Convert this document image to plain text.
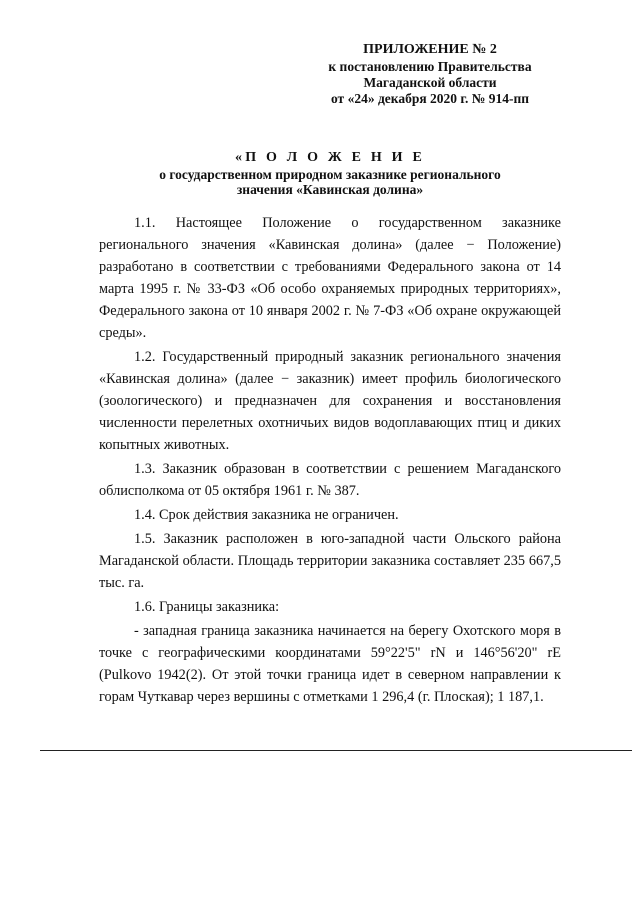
ПРИЛОЖЕНИЕ № 2
к постановлению Правительства
Магаданской области
от «24» декабря 2020 г. № 914-пп
«П О Л О Ж Е Н И Е
о государственном природном заказнике регионального
значения «Кавинская долина»

1.1. Настоящее Положение о государственном заказнике регионального значения «Кавинская долина» (далее − Положение) разработано в соответствии с требованиями Федерального закона от 14 марта 1995 г. № 33-ФЗ «Об особо охраняемых природных территориях», Федерального закона от 10 января 2002 г. № 7-ФЗ «Об охране окружающей среды».

1.2. Государственный природный заказник регионального значения «Кавинская долина» (далее − заказник) имеет профиль биологического (зоологического) и предназначен для сохранения и восстановления численности перелетных охотничьих видов водоплавающих птиц и диких копытных животных.

1.3. Заказник образован в соответствии с решением Магаданского облисполкома от 05 октября 1961 г. № 387.

1.4. Срок действия заказника не ограничен.

1.5. Заказник расположен в юго-западной части Ольского района Магаданской области. Площадь территории заказника составляет 235 667,5 тыс. га.

1.6. Границы заказника:

- западная граница заказника начинается на берегу Охотского моря в точке с географическими координатами 59°22'5" rN и 146°56'20" rE (Pulkovo 1942(2). От этой точки граница идет в северном направлении к горам Чуткавар через вершины с отметками 1 296,4 (г. Плоская); 1 187,1.
